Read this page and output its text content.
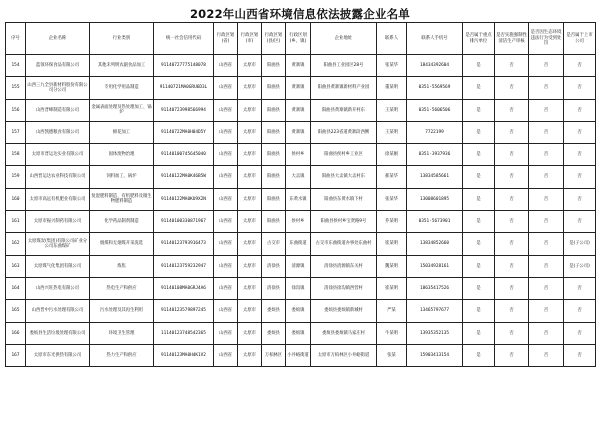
2022年山西省环境信息依法披露企业名单
序号	企业名称	行业类别	统一社会信用代码	行政区划(省)	行政区划(市)	行政区划(县/区)	行政区划(乡、镇)	企业地址	联系人	联系人手机号	是否属于重点排污单位	是否实施强制性清洁生产审核	是否因生态环境违法行为受到处罚	是否属于上市公司
154	蓝领环保食品有限公司	其他未列明农副食品加工	91140727775148078	山西省	太原市	阳曲县	黄寨镇	阳曲县工业园区28号	张某华	18434392604	是	否	否	否
155	山西三九全县新材料股份有限公司分公司	专用化学用品制造	91140721MA0GRU6D3L	山西省	太原市	阳曲县	黄寨镇	阳曲县黄寨镇新材料产业园	董某明	0351-5569569	是	否	否	否
156	山西晋峰制造有限公司	金属表面处理及热处理加工、锅炉	91140723998566994	山西省	太原市	阳曲县	黄寨镇	阳曲县黄寨镇新开村东	王某明	0351-5606506	是	否	否	否
157	山西凯德粮食有限公司	棉花加工	91140722MA0H04D5Y	山西省	太原市	阳曲县	黄寨镇	阳曲县223省道黄寨段西侧	王某明	7722199	是	否	否	否
158	太原市晋运达实业有限公司	固体废物治理	91140100745645040	山西省	太原市	阳曲县	侯村乡	阳曲县侯村乡工业区	徐某刚	0351-3937936	是	否	否	否
159	山西晋运达农业科技有限公司	饲料加工、锅炉	91140122MA0K46B5W	山西省	太原市	阳曲县	大盂镇	阳曲县大盂镇大盂村东	郝某华	13834585661	是	否	否	否
160	太原市高远有机肥业有限公司	复混肥料制造、有机肥料及微生物肥料制造	91140122MA0KU9X2N	山西省	太原市	阳曲县	东黄水镇	阳曲县东黄水镇下村	张某华	13008601895	是	否	否	否
161	太原市振兴制药有限公司	化学药品制剂制造	91140100330871967	山西省	太原市	阳曲县	侯村乡	阳曲县侯村乡宝贤路9号	乔某明	0351-5673901	是	否	否	否
162	太原煤炭(集团)有限公司矿业分公司东曲煤矿	烟煤和无烟煤开采洗选	91140123793916473	山西省	太原市	古交市	东曲街道	古交市东曲街道办事处东曲村	崔某明	13834852660	是	否	否	是(子公司)
163	太原煤气化集团有限公司	炼焦	91140123759232947	山西省	太原市	清徐县	清源镇	清徐县清源镇东关村	魏某明	15034928161	是	否	否	是(子公司)
164	山西兴旺热电有限公司	热电生产和供应	91140108MA0GRJ4A6	山西省	太原市	清徐县	徐沟镇	清徐县徐沟镇西营村	崔某明	18635417526	是	否	否	否
165	山西晋中污水处理有限公司	污水处理及其再生利用	91140123579897245	山西省	太原市	娄烦县	娄烦镇	娄烦县娄烦镇新城村	严某	13465797677	是	否	否	否
166	娄烦县生活垃圾处理有限公司	环境卫生管理	11140123748542365	山西省	太原市	娄烦县	娄烦镇	娄烦县娄烦镇马家庄村	牛某明	13935352135	是	否	否	否
167	太原市东光供热有限公司	热力生产和供应	91140123MA0H4K1V2	山西省	太原市	万柏林区	小井峪街道	太原市万柏林区小井峪街道	张某	15903413154	是	否	否	否
